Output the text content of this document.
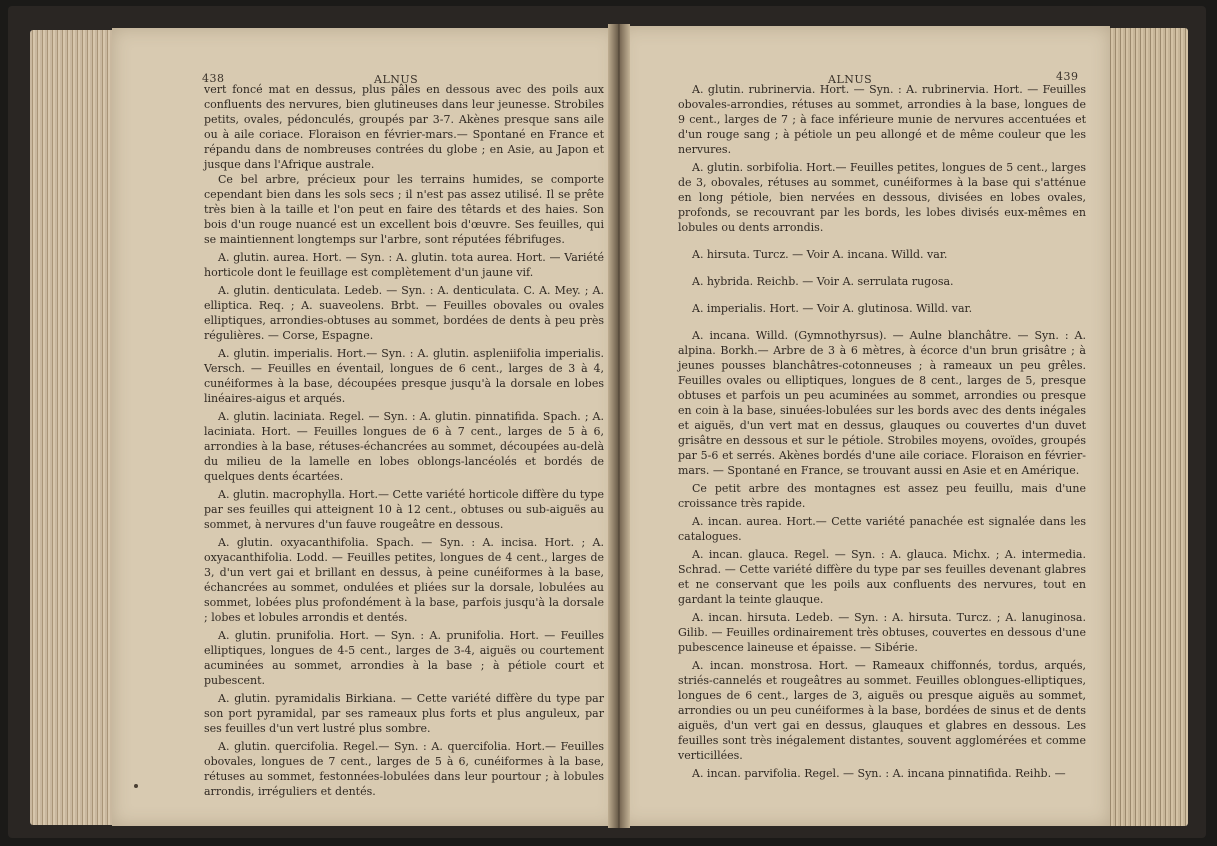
438	ALNUS

vert foncé mat en dessus, plus pâles en dessous avec des poils aux confluents des nervures, bien glutineuses dans leur jeunesse. Strobiles petits, ovales, pédonculés, groupés par 3-7. Akènes presque sans aile ou à aile coriace. Floraison en février-mars.— Spontané en France et répandu dans de nombreuses contrées du globe ; en Asie, au Japon et jusque dans l'Afrique australe.

Ce bel arbre, précieux pour les terrains humides, se comporte cependant bien dans les sols secs ; il n'est pas assez utilisé. Il se prête très bien à la taille et l'on peut en faire des têtards et des haies. Son bois d'un rouge nuancé est un excellent bois d'œuvre. Ses feuilles, qui se maintiennent longtemps sur l'arbre, sont réputées fébrifuges.

A. glutin. aurea. Hort. — Syn. : A. glutin. tota aurea. Hort. — Variété horticole dont le feuillage est complètement d'un jaune vif.

A. glutin. denticulata. Ledeb. — Syn. : A. denticulata. C. A. Mey. ; A. elliptica. Req. ; A. suaveolens. Brbt. — Feuilles obovales ou ovales elliptiques, arrondies-obtuses au sommet, bordées de dents à peu près régulières. — Corse, Espagne.

A. glutin. imperialis. Hort.— Syn. : A. glutin. aspleniifolia imperialis. Versch. — Feuilles en éventail, longues de 6 cent., larges de 3 à 4, cunéiformes à la base, découpées presque jusqu'à la dorsale en lobes linéaires-aigus et arqués.

A. glutin. laciniata. Regel. — Syn. : A. glutin. pinnatifida. Spach. ; A. laciniata. Hort. — Feuilles longues de 6 à 7 cent., larges de 5 à 6, arrondies à la base, rétuses-échancrées au sommet, découpées au-delà du milieu de la lamelle en lobes oblongs-lancéolés et bordés de quelques dents écartées.

A. glutin. macrophylla. Hort.— Cette variété horticole diffère du type par ses feuilles qui atteignent 10 à 12 cent., obtuses ou sub-aiguës au sommet, à nervures d'un fauve rougeâtre en dessous.

A. glutin. oxyacanthifolia. Spach. — Syn. : A. incisa. Hort. ; A. oxyacanthifolia. Lodd. — Feuilles petites, longues de 4 cent., larges de 3, d'un vert gai et brillant en dessus, à peine cunéiformes à la base, échancrées au sommet, ondulées et pliées sur la dorsale, lobulées au sommet, lobées plus profondément à la base, parfois jusqu'à la dorsale ; lobes et lobules arrondis et dentés.

A. glutin. prunifolia. Hort. — Syn. : A. prunifolia. Hort. — Feuilles elliptiques, longues de 4-5 cent., larges de 3-4, aiguës ou courtement acuminées au sommet, arrondies à la base ; à pétiole court et pubescent.

A. glutin. pyramidalis Birkiana. — Cette variété diffère du type par son port pyramidal, par ses rameaux plus forts et plus anguleux, par ses feuilles d'un vert lustré plus sombre.

A. glutin. quercifolia. Regel.— Syn. : A. quercifolia. Hort.— Feuilles obovales, longues de 7 cent., larges de 5 à 6, cunéiformes à la base, rétuses au sommet, festonnées-lobulées dans leur pourtour ; à lobules arrondis, irréguliers et dentés.

ALNUS	439

A. glutin. rubrinervia. Hort. — Syn. : A. rubrinervia. Hort. — Feuilles obovales-arrondies, rétuses au sommet, arrondies à la base, longues de 9 cent., larges de 7 ; à face inférieure munie de nervures accentuées et d'un rouge sang ; à pétiole un peu allongé et de même couleur que les nervures.

A. glutin. sorbifolia. Hort.— Feuilles petites, longues de 5 cent., larges de 3, obovales, rétuses au sommet, cunéiformes à la base qui s'atténue en long pétiole, bien nervées en dessous, divisées en lobes ovales, profonds, se recouvrant par les bords, les lobes divisés eux-mêmes en lobules ou dents arrondis.

A. hirsuta. Turcz. — Voir A. incana. Willd. var.

A. hybrida. Reichb. — Voir A. serrulata rugosa.

A. imperialis. Hort. — Voir A. glutinosa. Willd. var.

A. incana. Willd. (Gymnothyrsus). — Aulne blanchâtre. — Syn. : A. alpina. Borkh.— Arbre de 3 à 6 mètres, à écorce d'un brun grisâtre ; à jeunes pousses blanchâtres-cotonneuses ; à rameaux un peu grêles. Feuilles ovales ou elliptiques, longues de 8 cent., larges de 5, presque obtuses et parfois un peu acuminées au sommet, arrondies ou presque en coin à la base, sinuées-lobulées sur les bords avec des dents inégales et aiguës, d'un vert mat en dessus, glauques ou couvertes d'un duvet grisâtre en dessous et sur le pétiole. Strobiles moyens, ovoïdes, groupés par 5-6 et serrés. Akènes bordés d'une aile coriace. Floraison en février-mars. — Spontané en France, se trouvant aussi en Asie et en Amérique.

Ce petit arbre des montagnes est assez peu feuillu, mais d'une croissance très rapide.

A. incan. aurea. Hort.— Cette variété panachée est signalée dans les catalogues.

A. incan. glauca. Regel. — Syn. : A. glauca. Michx. ; A. intermedia. Schrad. — Cette variété diffère du type par ses feuilles devenant glabres et ne conservant que les poils aux confluents des nervures, tout en gardant la teinte glauque.

A. incan. hirsuta. Ledeb. — Syn. : A. hirsuta. Turcz. ; A. lanuginosa. Gilib. — Feuilles ordinairement très obtuses, couvertes en dessous d'une pubescence laineuse et épaisse. — Sibérie.

A. incan. monstrosa. Hort. — Rameaux chiffonnés, tordus, arqués, striés-cannelés et rougeâtres au sommet. Feuilles oblongues-elliptiques, longues de 6 cent., larges de 3, aiguës ou presque aiguës au sommet, arrondies ou un peu cunéiformes à la base, bordées de sinus et de dents aiguës, d'un vert gai en dessus, glauques et glabres en dessous. Les feuilles sont très inégalement distantes, souvent agglomérées et comme verticillées.

A. incan. parvifolia. Regel. — Syn. : A. incana pinnatifida. Reihb. —
